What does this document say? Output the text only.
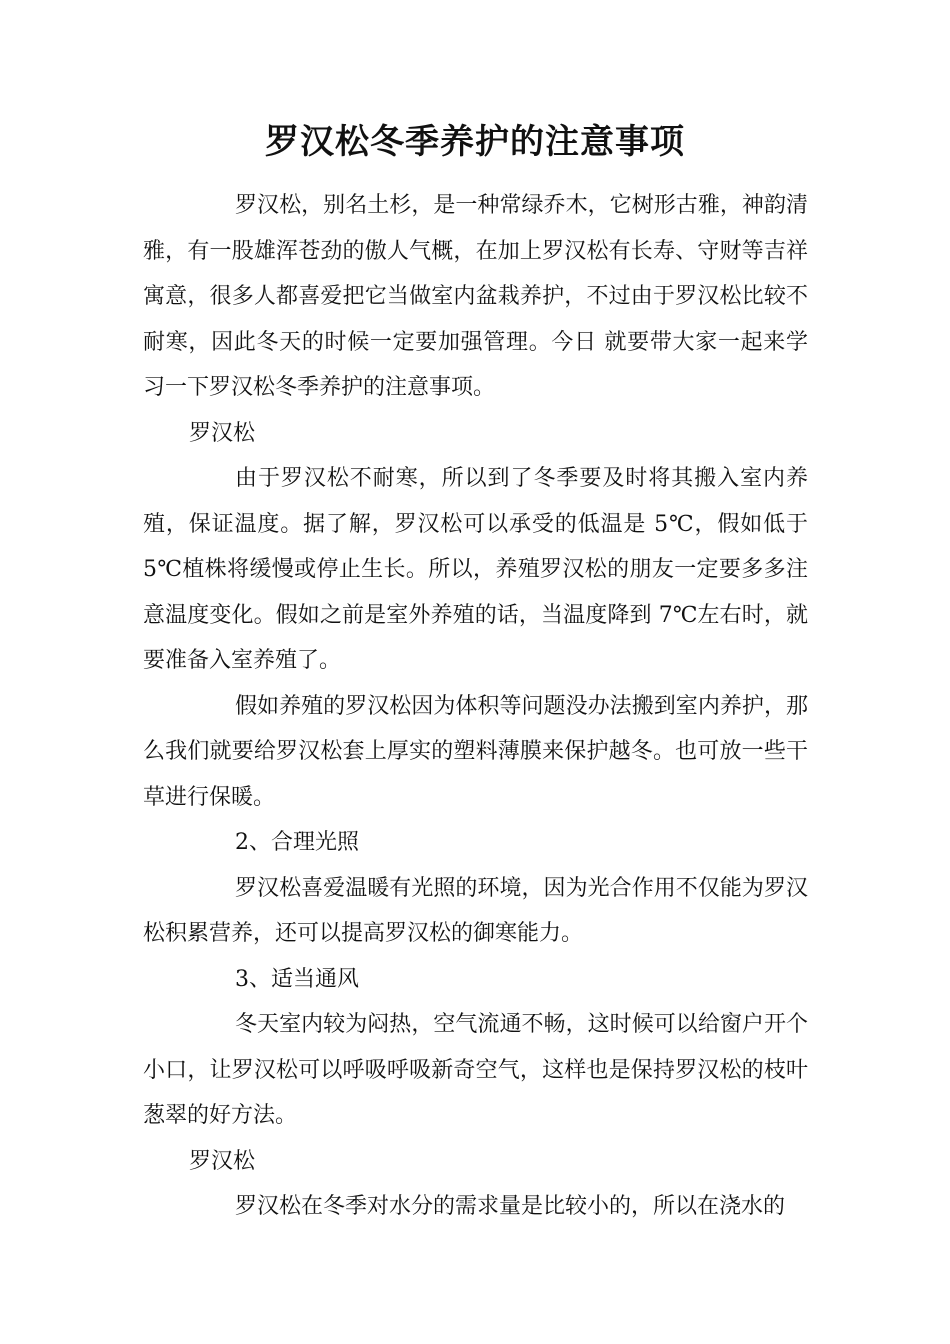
罗汉松冬季养护的注意事项

罗汉松，别名土杉，是一种常绿乔木，它树形古雅，神韵清雅，有一股雄浑苍劲的傲人气概，在加上罗汉松有长寿、守财等吉祥寓意，很多人都喜爱把它当做室内盆栽养护，不过由于罗汉松比较不耐寒，因此冬天的时候一定要加强管理。今日 就要带大家一起来学习一下罗汉松冬季养护的注意事项。

罗汉松

由于罗汉松不耐寒，所以到了冬季要及时将其搬入室内养殖，保证温度。据了解，罗汉松可以承受的低温是 5℃，假如低于 5℃植株将缓慢或停止生长。所以，养殖罗汉松的朋友一定要多多注意温度变化。假如之前是室外养殖的话，当温度降到 7℃左右时，就要准备入室养殖了。

假如养殖的罗汉松因为体积等问题没办法搬到室内养护，那么我们就要给罗汉松套上厚实的塑料薄膜来保护越冬。也可放一些干草进行保暖。

2、合理光照

罗汉松喜爱温暖有光照的环境，因为光合作用不仅能为罗汉松积累营养，还可以提高罗汉松的御寒能力。

3、适当通风

冬天室内较为闷热，空气流通不畅，这时候可以给窗户开个小口，让罗汉松可以呼吸呼吸新奇空气，这样也是保持罗汉松的枝叶葱翠的好方法。

罗汉松

罗汉松在冬季对水分的需求量是比较小的，所以在浇水的
